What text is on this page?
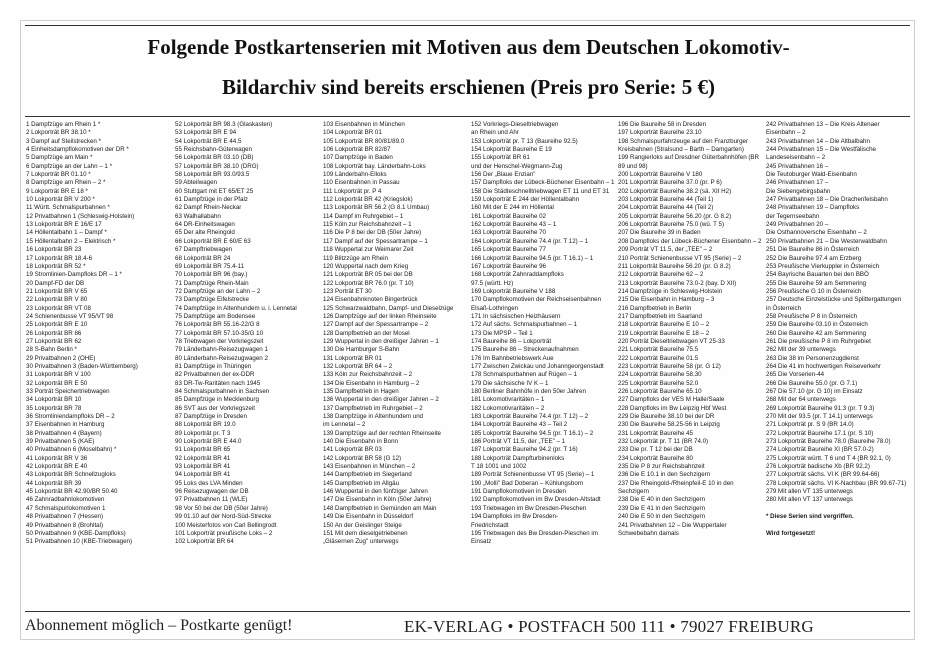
Folgende Postkartenserien mit Motiven aus dem Deutschen Lokomotiv-
Bildarchiv sind bereits erschienen (Preis pro Serie: 5 €)
1 Dampfzüge am Rhein 1 *
2 Lokporträt BR 38.10 *
3 Dampf auf Steilstrecken *
4 Einheitsdampflokomotiven der DR *
5 Dampfzüge am Main *
6 Dampfzüge an der Lahn – 1 *
7 Lokporträt BR 01.10 *
8 Dampfzüge am Rhein – 2 *
9 Lokporträt BR E 18 *
10 Lokporträt BR V 200 *
11 Württ. Schmalspurbahnen *
12 Privatbahnen 1 (Schleswig-Holstein)
13 Lokporträt BR E 16/E 17
14 Höllentalbahn 1 – Dampf *
15 Höllentalbahn 2 – Elektrisch *
16 Lokporträt BR 23
17 Lokporträt BR 18.4-6
18 Lokporträt BR 52 *
19 Stromlinien-Dampfloks DR – 1 *
20 Dampf-FD der DB
21 Lokporträt BR V 65
22 Lokporträt BR V 80
23 Lokporträt BR VT 08
24 Schienenbusse VT 95/VT 98
25 Lokporträt BR E 10
26 Lokporträt BR 86
27 Lokporträt BR 62
28 S-Bahn Berlin *
29 Privatbahnen 2 (OHE)
30 Privatbahnen 3 (Baden-Württemberg)
31 Lokporträt BR V 100
32 Lokporträt BR E 50
33 Porträt Speichertriebwagen
34 Lokporträt BR 10
35 Lokporträt BR 78
36 Stromliniendampfloks DR – 2
37 Eisenbahnen in Hamburg
38 Privatbahnen 4 (Bayern)
39 Privatbahnen 5 (KAE)
40 Privatbahnen 6 (Moselbahn) *
41 Lokporträt BR V 36
42 Lokporträt BR E 40
43 Lokporträt BR Schnellzugloks
44 Lokporträt BR 39
45 Lokporträt BR 42.90/BR 50.40
46 Zahnradbahnlokomotiven
47 Schmalspurlokomotiven 1
48 Privatbahnen 7 (Hessen)
49 Privatbahnen 8 (Brohltal)
50 Privatbahnen 9 (KBE-Dampfloks)
51 Privatbahnen 10 (KBE-Triebwagen)
52 Lokporträt BR 98.3 (Glaskasten)
53 Lokporträt BR E 94
54 Lokporträt BR E 44.5
55 Reichsbahn-Güterwagen
56 Lokporträt BR 03.10 (DB)
57 Lokporträt BR 38.10 (DRG)
58 Lokporträt BR 93.0/93.5
59 Abteilwagen
60 Stuttgart mit ET 65/ET 25
61 Dampfzüge in der Pfalz
62 Dampf Rhein-Neckar
63 Walhallabahn
64 DR-Einheitswagen
65 Der alte Rheingold
66 Lokporträt BR E 60/E 63
67 Dampftriebwagen
68 Lokporträt BR 24
69 Lokporträt BR 75.4-11
70 Lokporträt BR 96 (bay.)
71 Dampfzüge Rhein-Main
72 Dampfzüge an der Lahn – 2
73 Dampfzüge Eifelstrecke
74 Dampfzüge in Altenhundem u. i. Lennetal
75 Dampfzüge am Bodensee
76 Lokporträt BR 55.16-22/G 8
77 Lokporträt BR 57.10-35/G 10
78 Triebwagen der Vorkriegszeit
79 Länderbahn-Reisezugwagen 1
80 Länderbahn-Reisezugwagen 2
81 Dampfzüge in Thüringen
82 Privatbahnen der ex-DDR
83 DR-Tw-Raritäten nach 1945
84 Schmalspurbahnen in Sachsen
85 Dampfzüge in Mecklenburg
86 SVT aus der Vorkriegszeit
87 Dampfzüge in Dresden
88 Lokporträt BR 19.0
89 Lokporträt pr. T 3
90 Lokporträt BR E 44.0
91 Lokporträt BR 65
92 Lokporträt BR 41
93 Lokporträt BR 41
94 Lokporträt BR 41
95 Loks des LVA Minden
96 Reisezugwagen der DB
97 Privatbahnen 11 (WLE)
98 Vor 50 bei der DB (50er Jahre)
99 01.10 auf der Nord-Süd-Strecke
100 Meisterfotos von Carl Bellingrodt
101 Lokporträt preußische Loks – 2
102 Lokporträt BR 64
103 Eisenbahnen in München
104 Lokporträt BR 01
105 Lokporträt BR 80/81/89.0
106 Lokporträt BR 82/87
107 Dampfzüge in Baden
108 Lokporträt bay. Länderbahn-Loks
109 Länderbahn-Elloks
110 Eisenbahnen in Passau
111 Lokporträt pr. P 4
112 Lokporträt BR 42 (Kriegslok)
113 Lokporträt BR 56.2 (G 8.1 Umbau)
114 Dampf im Ruhrgebiet – 1
115 Köln zur Reichsbahnzeit – 1
116 Die P 8 bei der DB (50er Jahre)
117 Dampf auf der Spessartrampe – 1
118 Wuppertal zur Weimarer Zeit
119 Blitzzüge am Rhein
120 Wuppertal nach dem Krieg
121 Lokporträt BR 05 bei der DB
122 Lokporträt BR 76.0 (pr. T 10)
123 Porträt ET 30
124 Eisenbahnknoten Bingerbrück
125 Schwarzwaldbahn, Dampf- und Dieselzüge
126 Dampfzüge auf der linken Rheinseite
127 Dampf auf der Spessartrampe – 2
128 Dampfbetrieb an der Mosel
129 Wuppertal in den dreißiger Jahren – 1
130 Die Hamburger S-Bahn
131 Lokporträt BR 01
132 Lokporträt BR 64 – 2
133 Köln zur Reichsbahnzeit – 2
134 Die Eisenbahn in Hamburg – 2
135 Dampfbetrieb in Hagen
136 Wuppertal in den dreißiger Jahren – 2
137 Dampfbetrieb im Ruhrgebiet – 2
138 Dampfzüge in Altenhundem und
im Lennetal – 2
139 Dampfzüge auf der rechten Rheinseite
140 Die Eisenbahn in Bonn
141 Lokporträt BR 03
142 Lokporträt BR 58 (G 12)
143 Eisenbahnen in München – 2
144 Dampfbetrieb im Siegerland
145 Dampfbetrieb im Allgäu
146 Wuppertal in den fünfziger Jahren
147 Die Eisenbahn in Köln (50er Jahre)
148 Dampfbetrieb in Gemünden am Main
149 Die Eisenbahn in Düsseldorf
150 An der Geislinger Steige
151 Mit dem dieselgetriebenen
„Gläsernen Zug" unterwegs
152 Vorkriegs-Dieseltriebwagen
an Rhein und Ahr
153 Lokporträt pr. T 13 (Baureihe 92.5)
154 Lokporträt Baureihe E 19
155 Lokporträt BR 61
und der Henschel-Wegmann-Zug
156 Der „Blaue Enzian"
157 Dampfloks der Lübeck-Büchener Eisenbahn – 1
158 Die Städteschnelltriebwagen ET 11 und ET 31
159 Lokporträt E 244 der Höllentalbahn
160 Mit der E 244 im Höllental
161 Lokporträt Baureihe 02
162 Lokporträt Baureihe 43 – 1
163 Lokporträt Baureihe 70
164 Lokporträt Baureihe 74.4 (pr. T 12) – 1
165 Lokporträt Baureihe 77
166 Lokporträt Baureihe 94.5 (pr. T 16.1) – 1
167 Lokporträt Baureihe 96
168 Lokporträt Zahnraddampfloks
97.5 (württ. Hz)
169 Lokporträt Baureihe V 188
170 Dampflokomotiven der Reichseisenbahnen
Elsaß-Lothringen
171 In sächsischen Heizhäusern
172 Auf sächs. Schmalspurbahnen – 1
173 Die MPSP – Teil 1
174 Baureihe 86 – Lokporträt
175 Baureihe 86 – Streckenaufnahmen
176 Im Bahnbetriebswerk Aue
177 Zwischen Zwickau und Johanngeorgenstadt
178 Schmalspurbahnen auf Rügen – 1
179 Die sächsische IV K – 1
180 Berliner Bahnhöfe in den 50er Jahren
181 Lokomotivraritäten – 1
182 Lokomotivraritäten – 2
183 Lokporträt Baureihe 74.4 (pr. T 12) – 2
184 Lokporträt Baureihe 43 – Teil 2
185 Lokporträt Baureihe 94.5 (pr. T 16.1) – 2
186 Porträt VT 11.5, der „TEE" – 1
187 Lokporträt Baureihe 94.2 (pr. T 16)
188 Lokporträt Dampfturbinenloks
T 18 1001 und 1002
189 Porträt Schienenbusse VT 95 (Serie) – 1
190 „Molli" Bad Doberan – Kühlungsborn
191 Dampflokomotiven in Dresden
192 Dampflokomotiven im Bw Dresden-Altstadt
193 Triebwagen im Bw Dresden-Pieschen
194 Dampfloks im Bw Dresden-
Friedrichstadt
195 Triebwagen des Bw Dresden-Pieschen im
Einsatz
196 Die Baureihe 58 in Dresden
197 Lokporträt Baureihe 23.10
198 Schmalspurfahrzeuge auf den Franzburger
Kreisbahnen (Stralsund – Barth – Damgarten)
199 Rangierloks auf Dresdner Güterbahnhöfen (BR
89 und 98)
200 Lokporträt Baureihe V 180
201 Lokporträt Baureihe 37.0 (pr. P 6)
202 Lokporträt Baureihe 38.2 (sä. XII H2)
203 Lokporträt Baureihe 44 (Teil 1)
204 Lokporträt Baureihe 44 (Teil 2)
205 Lokporträt Baureihe 56.20 (pr. G 8.2)
206 Lokporträt Baureihe 75.0 (wü. T 5)
207 Die Baureihe 39 in Baden
208 Dampfloks der Lübeck-Büchener Eisenbahn – 2
209 Porträt VT 11.5, der „TEE" – 2
210 Porträt Schienenbusse VT 95 (Serie) – 2
211 Lokporträt Baureihe 56.20 (pr. G 8.2)
212 Lokporträt Baureihe 62 – 2
213 Lokporträt Baureihe 73.0-2 (bay. D XII)
214 Dampfzüge in Schleswig-Holstein
215 Die Eisenbahn in Hamburg – 3
216 Dampfbetrieb in Berlin
217 Dampfbetrieb im Saarland
218 Lokporträt Baureihe E 10 – 2
219 Lokporträt Baureihe E 18 – 2
220 Porträt Dieseltriebwagen VT 25-33
221 Lokporträt Baureihe 75.5
222 Lokporträt Baureihe 01.5
223 Lokporträt Baureihe 58 (pr. G 12)
224 Lokporträt Baureihe 58.30
225 Lokporträt Baureihe 52.0
226 Lokporträt Baureihe 65.10
227 Dampfloks der VES M Halle/Saale
228 Dampfloks im Bw Leipzig Hbf West
229 Die Baureihe 38.10 bei der DR
230 Die Baureihe 58.25-56 in Leipzig
231 Lokporträt Baureihe 45
232 Lokporträt pr. T 11 (BR 74.0)
233 Die pr. T 12 bei der DB
234 Lokporträt Baureihe 80
235 Die P 8 zur Reichsbahnzeit
236 Die E 10.1 in den Sechzigern
237 Die Rheingold-/Rheinpfeil-E 10 in den
Sechzigern
238 Die E 40 in den Sechzigern
239 Die E 41 in den Sechzigern
240 Die E 50 in den Sechzigern
241 Privatbahnen 12 – Die Wuppertaler
Schwebebahn damals
242 Privatbahnen 13 – Die Kreis Altenaer
Eisenbahn – 2
243 Privatbahnen 14 – Die Altbalbahn
244 Privatbahnen 15 – Die Westfälische
Landeseisenbahn – 2
245 Privatbahnen 16 –
Die Teutoburger Wald-Eisenbahn
246 Privatbahnen 17 –
Die Siebengebirgsbahn
247 Privatbahnen 18 – Die Drachenfelsbahn
248 Privatbahnen 19 – Dampfloks
der Tegernseebahn
249 Privatbahnen 20 –
Die Osthannoversche Eisenbahn – 2
250 Privatbahnen 21 – Die Westerwaldbahn
251 Die Baureihe 86 in Österreich
252 Die Baureihe 97.4 am Erzberg
253 Preußische Vierkuppler in Österreich
254 Bayrische Bauarten bei den BBÖ
255 Die Baureihe 59 am Semmering
256 Preußische G 10 in Österreich
257 Deutsche Einzelstücke und Splittergattungen
in Österreich
258 Preußische P 8 in Österreich
259 Die Baureihe 03.10 in Österreich
260 Die Baureihe 42 am Semmering
261 Die preußische P 8 im Ruhrgebiet
262 Mit der 39 unterwegs
263 Die 38 im Personenzugdienst
264 Die 41 im hochwertigen Reiseverkehr
265 Die Vorserien-44
266 Die Baureihe 55.0 (pr. G 7.1)
267 Die 57.10 (pr. G 10) im Einsatz
268 Mit der 64 unterwegs
269 Lokporträt Baureihe 91.3 (pr. T 9.3)
270 Mit der 93.5 (pr. T 14.1) unterwegs
271 Lokporträt pr. S 9 (BR 14.0)
272 Lokporträt Baureihe 17.1 (pr. S 10)
273 Lokporträt Baureihe 78.0 (Baureihe 78.0)
274 Lokporträt Baureihe XI (BR 57.0-2)
275 Lokporträt württ. T 6 und T 4 (BR 92.1, 0)
276 Lokporträt badische Xb (BR 92.2)
277 Lokporträt sächs. VI K (BR 99.64-66)
278 Lokporträt sächs. VI K-Nachbau (BR 99.67-71)
279 Mit allen VT 135 unterwegs
280 Mit allen VT 137 unterwegs
* Diese Serien sind vergriffen.
Wird fortgesetzt!
Abonnement möglich – Postkarte genügt!	EK-VERLAG • POSTFACH 500 111 • 79027 FREIBURG
